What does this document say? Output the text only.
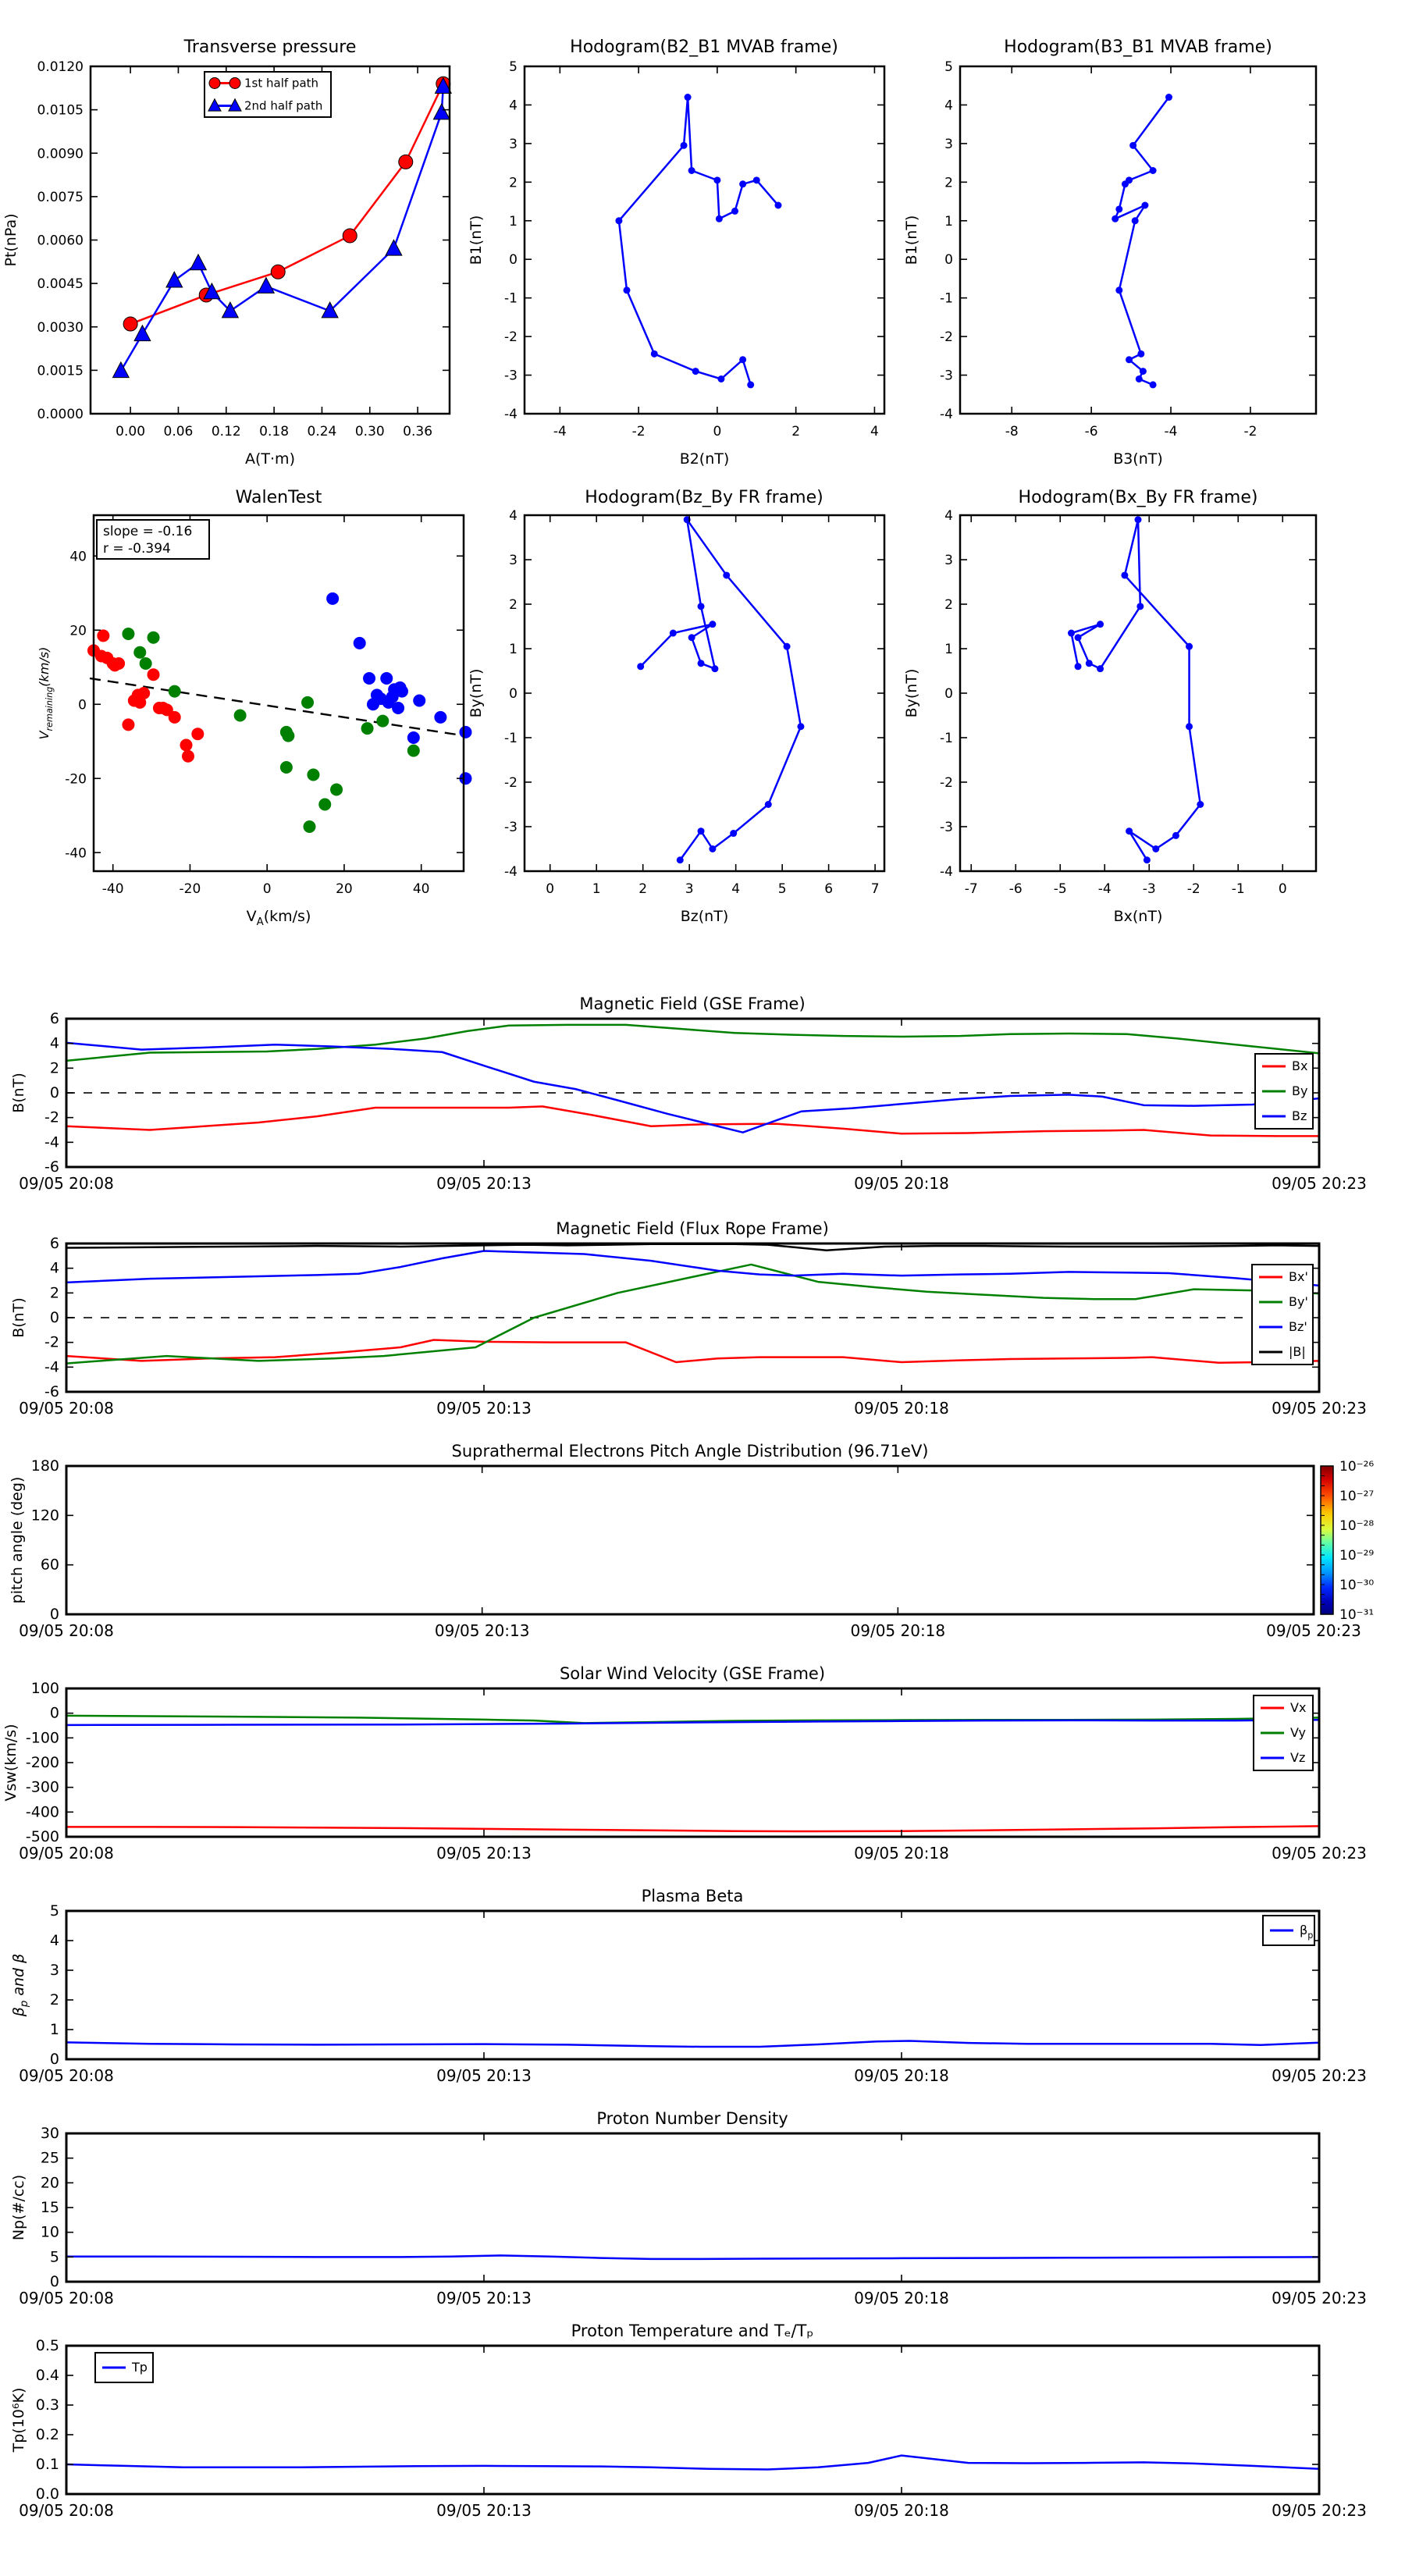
0.00 0.06 0.12 0.18 0.24 0.30 0.36
0.0000
0.0015
0.0030
0.0045
0.0060
0.0075
0.0090
0.0105
0.0120
A(T·m)
Pt(nPa)
1st half path
2nd half path
-4	-2	0	2	4
-4
-3
-2
-1
0
1
2
3
4
5
B2(nT)
B1(nT)
-8	-6	-4	-2
-4
-3
-2
-1
0
1
2
3
4
5
B3(nT)
B1(nT)
-40	-20	0	20	40
-40
-20
0
20
40
$V_A(km/s)$
$V_{remaining}(km/s)$
slope = -0.16
r = -0.394
0	1	2	3	4	5	6	7
-4
-3
-2
-1
0
1
2
3
4
Bz(nT)
By(nT)
-7 -6 -5 -4 -3 -2 -1	0
-4
-3
-2
-1
0
1
2
3
4
Bx(nT)
By(nT)
09/05 20:08	09/05 20:13	09/05 20:18	09/05 20:23
-6
-4
-2
0
2
4
6
B(nT)
Bx
By
Bz
09/05 20:08	09/05 20:13	09/05 20:18	09/05 20:23
-6
-4
-2
0
2
4
6
B(nT)
Bx'
By'
Bz'
|B|
09/05 20:08	09/05 20:13	09/05 20:18	09/05 20:23
0
60
120
180
pitch angle (deg)
10⁻²⁶
10⁻²⁷
10⁻²⁸
10⁻²⁹
10⁻³⁰
10⁻³¹
09/05 20:08	09/05 20:13	09/05 20:18	09/05 20:23
100
0
-100
-200
-300
-400
-500
Vsw(km/s)
Vx
Vy
Vz
09/05 20:08	09/05 20:13	09/05 20:18	09/05 20:23
0
1
2
3
4
5
$\beta_p$ and β
$\beta_p$
09/05 20:08	09/05 20:13	09/05 20:18	09/05 20:23
0
5
10
15
20
25
30
Np(#/cc)
09/05 20:08	09/05 20:13	09/05 20:18	09/05 20:23
0.0
0.1
0.2
0.3
0.4
0.5
Tp(10⁶K)
Tp
Transverse pressure	Hodogram(B2_B1 MVAB frame)	Hodogram(B3_B1 MVAB frame)
WalenTest	Hodogram(Bz_By FR frame)	Hodogram(Bx_By FR frame)
Magnetic Field (GSE Frame)
Magnetic Field (Flux Rope Frame)
Suprathermal Electrons Pitch Angle Distribution (96.71eV)
Solar Wind Velocity (GSE Frame)
Plasma Beta
Proton Number Density
Proton Temperature and Tₑ/Tₚ
